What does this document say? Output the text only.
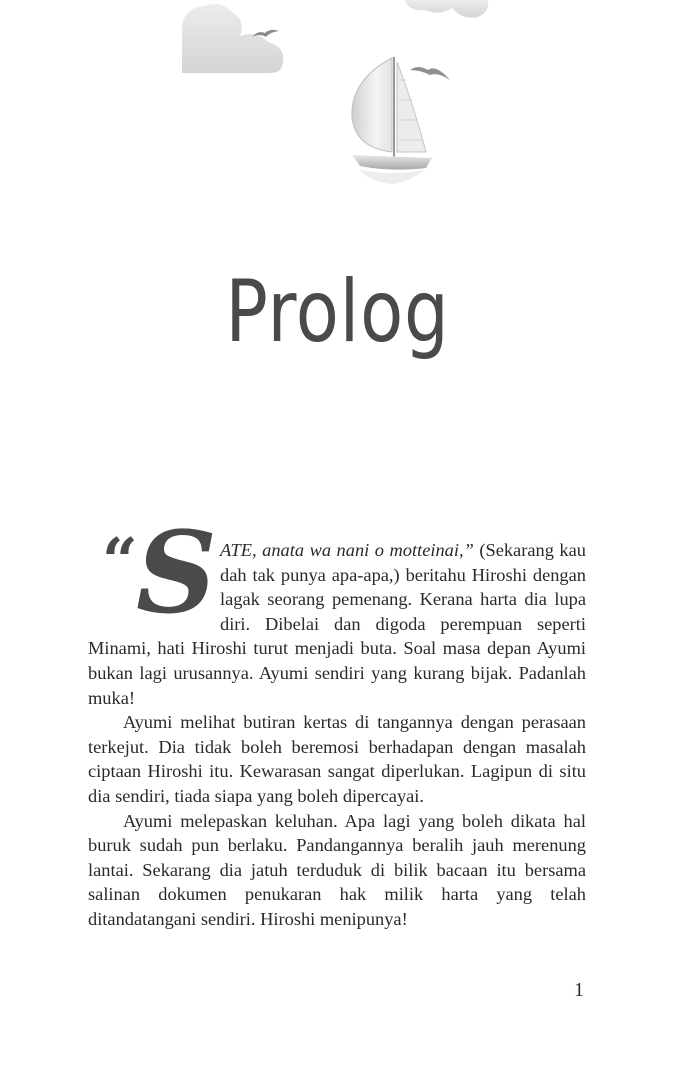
Prolog
“
S ATE, anata wa nani o motteinai,” (Sekarang kau dah tak punya apa-apa,) beritahu Hiroshi dengan lagak seorang pemenang. Kerana harta dia lupa diri. Dibelai dan digoda perempuan seperti Minami, hati Hiroshi turut menjadi buta. Soal masa depan Ayumi bukan lagi urusannya. Ayumi sendiri yang kurang bijak. Padanlah muka!

Ayumi melihat butiran kertas di tangannya dengan perasaan terkejut. Dia tidak boleh beremosi berhadapan dengan masalah ciptaan Hiroshi itu. Kewarasan sangat diperlukan. Lagipun di situ dia sendiri, tiada siapa yang boleh dipercayai.

Ayumi melepaskan keluhan. Apa lagi yang boleh dikata hal buruk sudah pun berlaku. Pandangannya beralih jauh merenung lantai. Sekarang dia jatuh terduduk di bilik bacaan itu bersama salinan dokumen penukaran hak milik harta yang telah ditandatangani sendiri. Hiroshi menipunya!

1
